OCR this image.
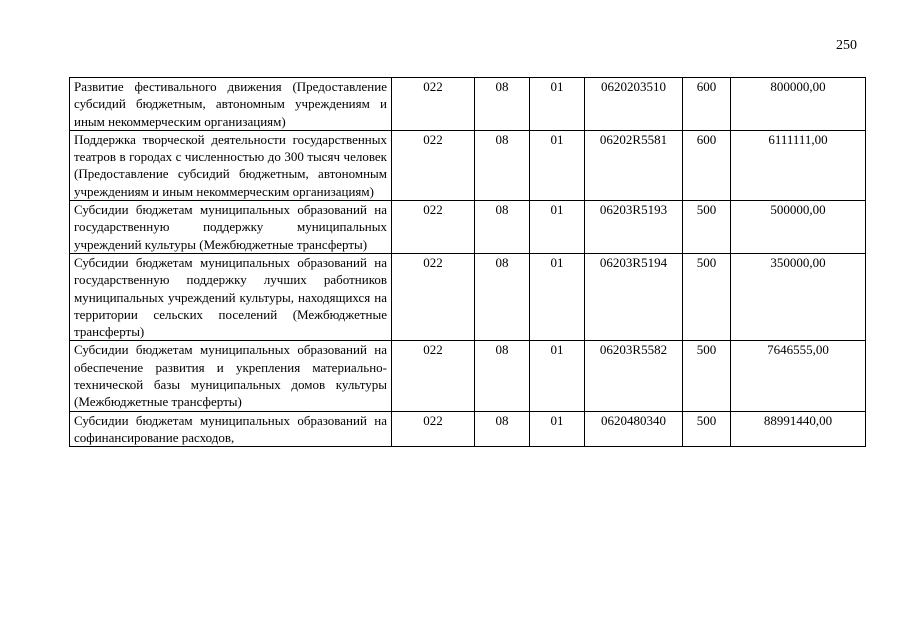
250
Развитие фестивального движения (Предоставление субсидий бюджетным, автономным учреждениям и иным некоммерческим организациям)	022	08	01	0620203510	600	800000,00
Поддержка творческой деятельности государственных театров в городах с численностью до 300 тысяч человек (Предоставление субсидий бюджетным, автономным учреждениям и иным некоммерческим организациям)	022	08	01	06202R5581	600	6111111,00
Субсидии бюджетам муниципальных образований на государственную поддержку муниципальных учреждений культуры (Межбюджетные трансферты)	022	08	01	06203R5193	500	500000,00
Субсидии бюджетам муниципальных образований на государственную поддержку лучших работников муниципальных учреждений культуры, находящихся на территории сельских поселений (Межбюджетные трансферты)	022	08	01	06203R5194	500	350000,00
Субсидии бюджетам муниципальных образований на обеспечение развития и укрепления материально-технической базы муниципальных домов культуры (Межбюджетные трансферты)	022	08	01	06203R5582	500	7646555,00
Субсидии бюджетам муниципальных образований на софинансирование расходов,	022	08	01	0620480340	500	88991440,00
